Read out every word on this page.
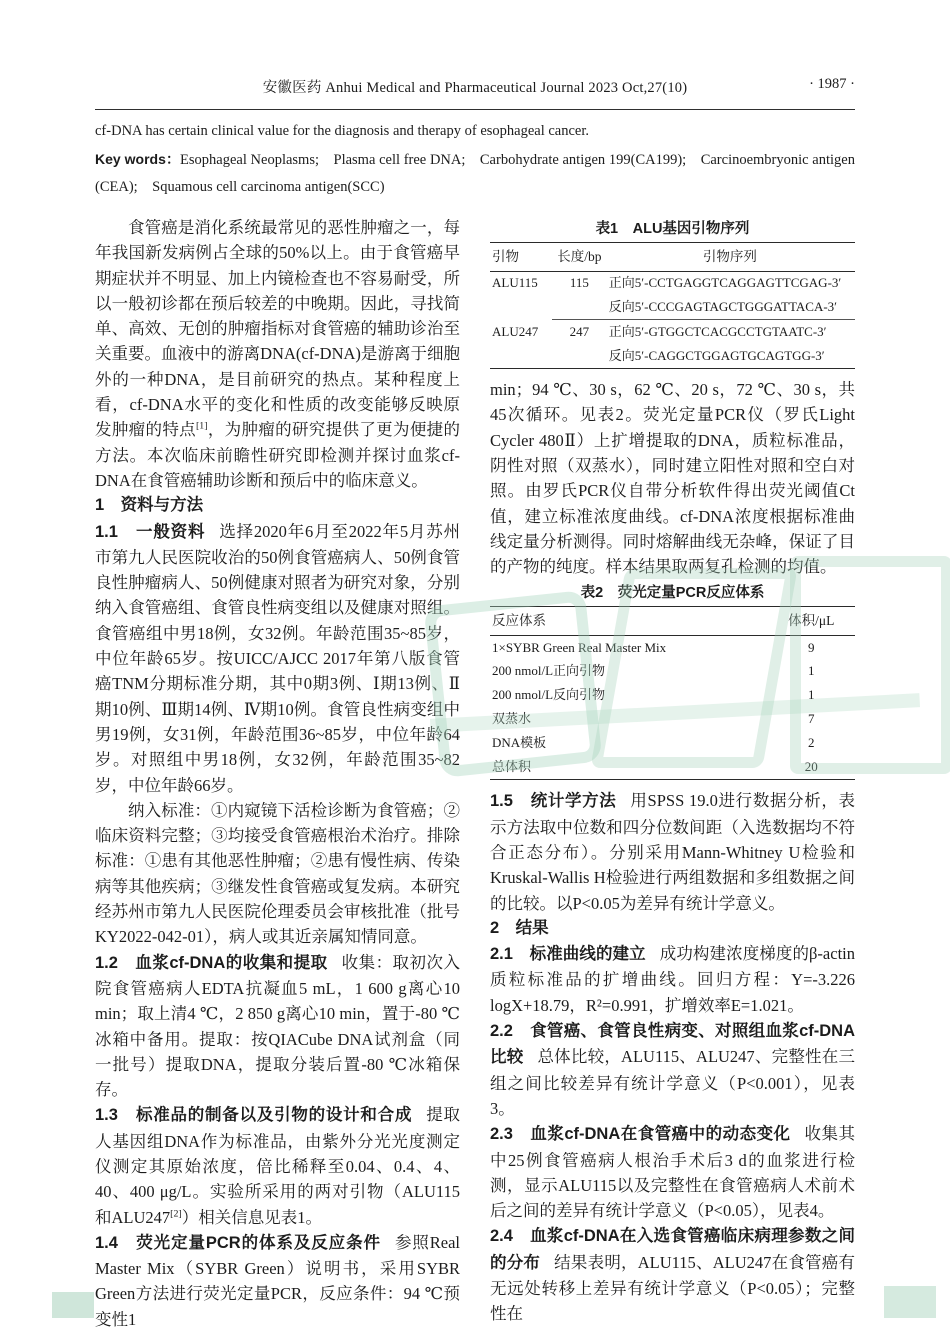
安徽医药 Anhui Medical and Pharmaceutical Journal 2023 Oct,27(10)	· 1987 ·
cf-DNA has certain clinical value for the diagnosis and therapy of esophageal cancer.
Key words：Esophageal Neoplasms;  Plasma cell free DNA;  Carbohydrate antigen 199(CA199);  Carcinoembryonic antigen (CEA);  Squamous cell carcinoma antigen(SCC)

食管癌是消化系统最常见的恶性肿瘤之一，每年我国新发病例占全球的50%以上。由于食管癌早期症状并不明显、加上内镜检查也不容易耐受，所以一般初诊都在预后较差的中晚期。因此，寻找简单、高效、无创的肿瘤指标对食管癌的辅助诊治至关重要。血液中的游离DNA(cf-DNA)是游离于细胞外的一种DNA，是目前研究的热点。某种程度上看，cf-DNA水平的变化和性质的改变能够反映原发肿瘤的特点[1]，为肿瘤的研究提供了更为便捷的方法。本次临床前瞻性研究即检测并探讨血浆cf-DNA在食管癌辅助诊断和预后中的临床意义。

1　资料与方法

1.1　一般资料 选择2020年6月至2022年5月苏州市第九人民医院收治的50例食管癌病人、50例食管良性肿瘤病人、50例健康对照者为研究对象，分别纳入食管癌组、食管良性病变组以及健康对照组。食管癌组中男18例，女32例。年龄范围35~85岁，中位年龄65岁。按UICC/AJCC 2017年第八版食管癌TNM分期标准分期，其中0期3例、Ⅰ期13例、Ⅱ期10例、Ⅲ期14例、Ⅳ期10例。食管良性病变组中男19例，女31例，年龄范围36~85岁，中位年龄64岁。对照组中男18例，女32例，年龄范围35~82岁，中位年龄66岁。

纳入标准：①内窥镜下活检诊断为食管癌；②临床资料完整；③均接受食管癌根治术治疗。排除标准：①患有其他恶性肿瘤；②患有慢性病、传染病等其他疾病；③继发性食管癌或复发病。本研究经苏州市第九人民医院伦理委员会审核批准（批号KY2022-042-01），病人或其近亲属知情同意。

1.2　血浆cf-DNA的收集和提取 收集：取初次入院食管癌病人EDTA抗凝血5 mL，1 600 g离心10 min；取上清4 ℃，2 850 g离心10 min，置于-80 ℃冰箱中备用。提取：按QIACube DNA试剂盒（同一批号）提取DNA，提取分装后置-80 ℃冰箱保存。

1.3　标准品的制备以及引物的设计和合成 提取人基因组DNA作为标准品，由紫外分光光度测定仪测定其原始浓度，倍比稀释至0.04、0.4、4、40、400 μg/L。实验所采用的两对引物（ALU115和ALU247[2]）相关信息见表1。

1.4　荧光定量PCR的体系及反应条件 参照Real Master Mix（SYBR Green）说明书，采用SYBR Green方法进行荧光定量PCR，反应条件：94 ℃预变性1

表1　ALU基因引物序列
引物	长度/bp	引物序列
ALU115	115	正向5′-CCTGAGGTCAGGAGTTCGAG-3′
		反向5′-CCCGAGTAGCTGGGATTACA-3′
ALU247	247	正向5′-GTGGCTCACGCCTGTAATC-3′
		反向5′-CAGGCTGGAGTGCAGTGG-3′

min；94 ℃、30 s，62 ℃、20 s，72 ℃、30 s，共45次循环。见表2。荧光定量PCR仪（罗氏Light Cycler 480Ⅱ）上扩增提取的DNA，质粒标准品，阴性对照（双蒸水），同时建立阳性对照和空白对照。由罗氏PCR仪自带分析软件得出荧光阈值Ct值，建立标准浓度曲线。cf-DNA浓度根据标准曲线定量分析测得。同时熔解曲线无杂峰，保证了目的产物的纯度。样本结果取两复孔检测的均值。

表2　荧光定量PCR反应体系
反应体系	体积/μL
1×SYBR Green Real Master Mix	9
200 nmol/L正向引物	1
200 nmol/L反向引物	1
双蒸水	7
DNA模板	2
总体积	20

1.5　统计学方法 用SPSS 19.0进行数据分析，表示方法取中位数和四分位数间距（入选数据均不符合正态分布）。分别采用Mann-Whitney U检验和Kruskal-Wallis H检验进行两组数据和多组数据之间的比较。以P<0.05为差异有统计学意义。

2　结果

2.1　标准曲线的建立 成功构建浓度梯度的β-actin质粒标准品的扩增曲线。回归方程：Y=-3.226 logX+18.79，R²=0.991，扩增效率E=1.021。

2.2　食管癌、食管良性病变、对照组血浆cf-DNA比较 总体比较，ALU115、ALU247、完整性在三组之间比较差异有统计学意义（P<0.001），见表3。

2.3　血浆cf-DNA在食管癌中的动态变化 收集其中25例食管癌病人根治手术后3 d的血浆进行检测，显示ALU115以及完整性在食管癌病人术前术后之间的差异有统计学意义（P<0.05），见表4。

2.4　血浆cf-DNA在入选食管癌临床病理参数之间的分布 结果表明，ALU115、ALU247在食管癌有无远处转移上差异有统计学意义（P<0.05）；完整性在
